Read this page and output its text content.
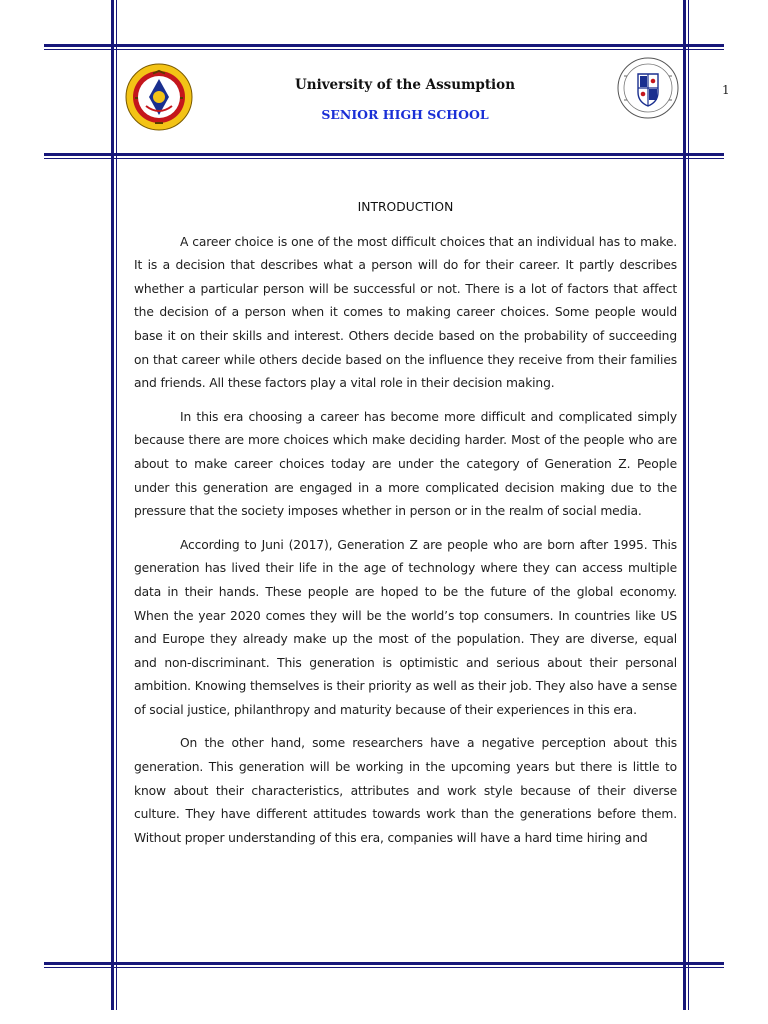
University of the Assumption
SENIOR HIGH SCHOOL
1
INTRODUCTION

A career choice is one of the most difficult choices that an individual has to make. It is a decision that describes what a person will do for their career. It partly describes whether a particular person will be successful or not. There is a lot of factors that affect the decision of a person when it comes to making career choices. Some people would base it on their skills and interest. Others decide based on the probability of succeeding on that career while others decide based on the influence they receive from their families and friends. All these factors play a vital role in their decision making.

In this era choosing a career has become more difficult and complicated simply because there are more choices which make deciding harder. Most of the people who are about to make career choices today are under the category of Generation Z. People under this generation are engaged in a more complicated decision making due to the pressure that the society imposes whether in person or in the realm of social media.

According to Juni (2017), Generation Z are people who are born after 1995. This generation has lived their life in the age of technology where they can access multiple data in their hands. These people are hoped to be the future of the global economy. When the year 2020 comes they will be the world’s top consumers. In countries like US and Europe they already make up the most of the population. They are diverse, equal and non-discriminant. This generation is optimistic and serious about their personal ambition. Knowing themselves is their priority as well as their job. They also have a sense of social justice, philanthropy and maturity because of their experiences in this era.

On the other hand, some researchers have a negative perception about this generation. This generation will be working in the upcoming years but there is little to know about their characteristics, attributes and work style because of their diverse culture. They have different attitudes towards work than the generations before them. Without proper understanding of this era, companies will have a hard time hiring and
